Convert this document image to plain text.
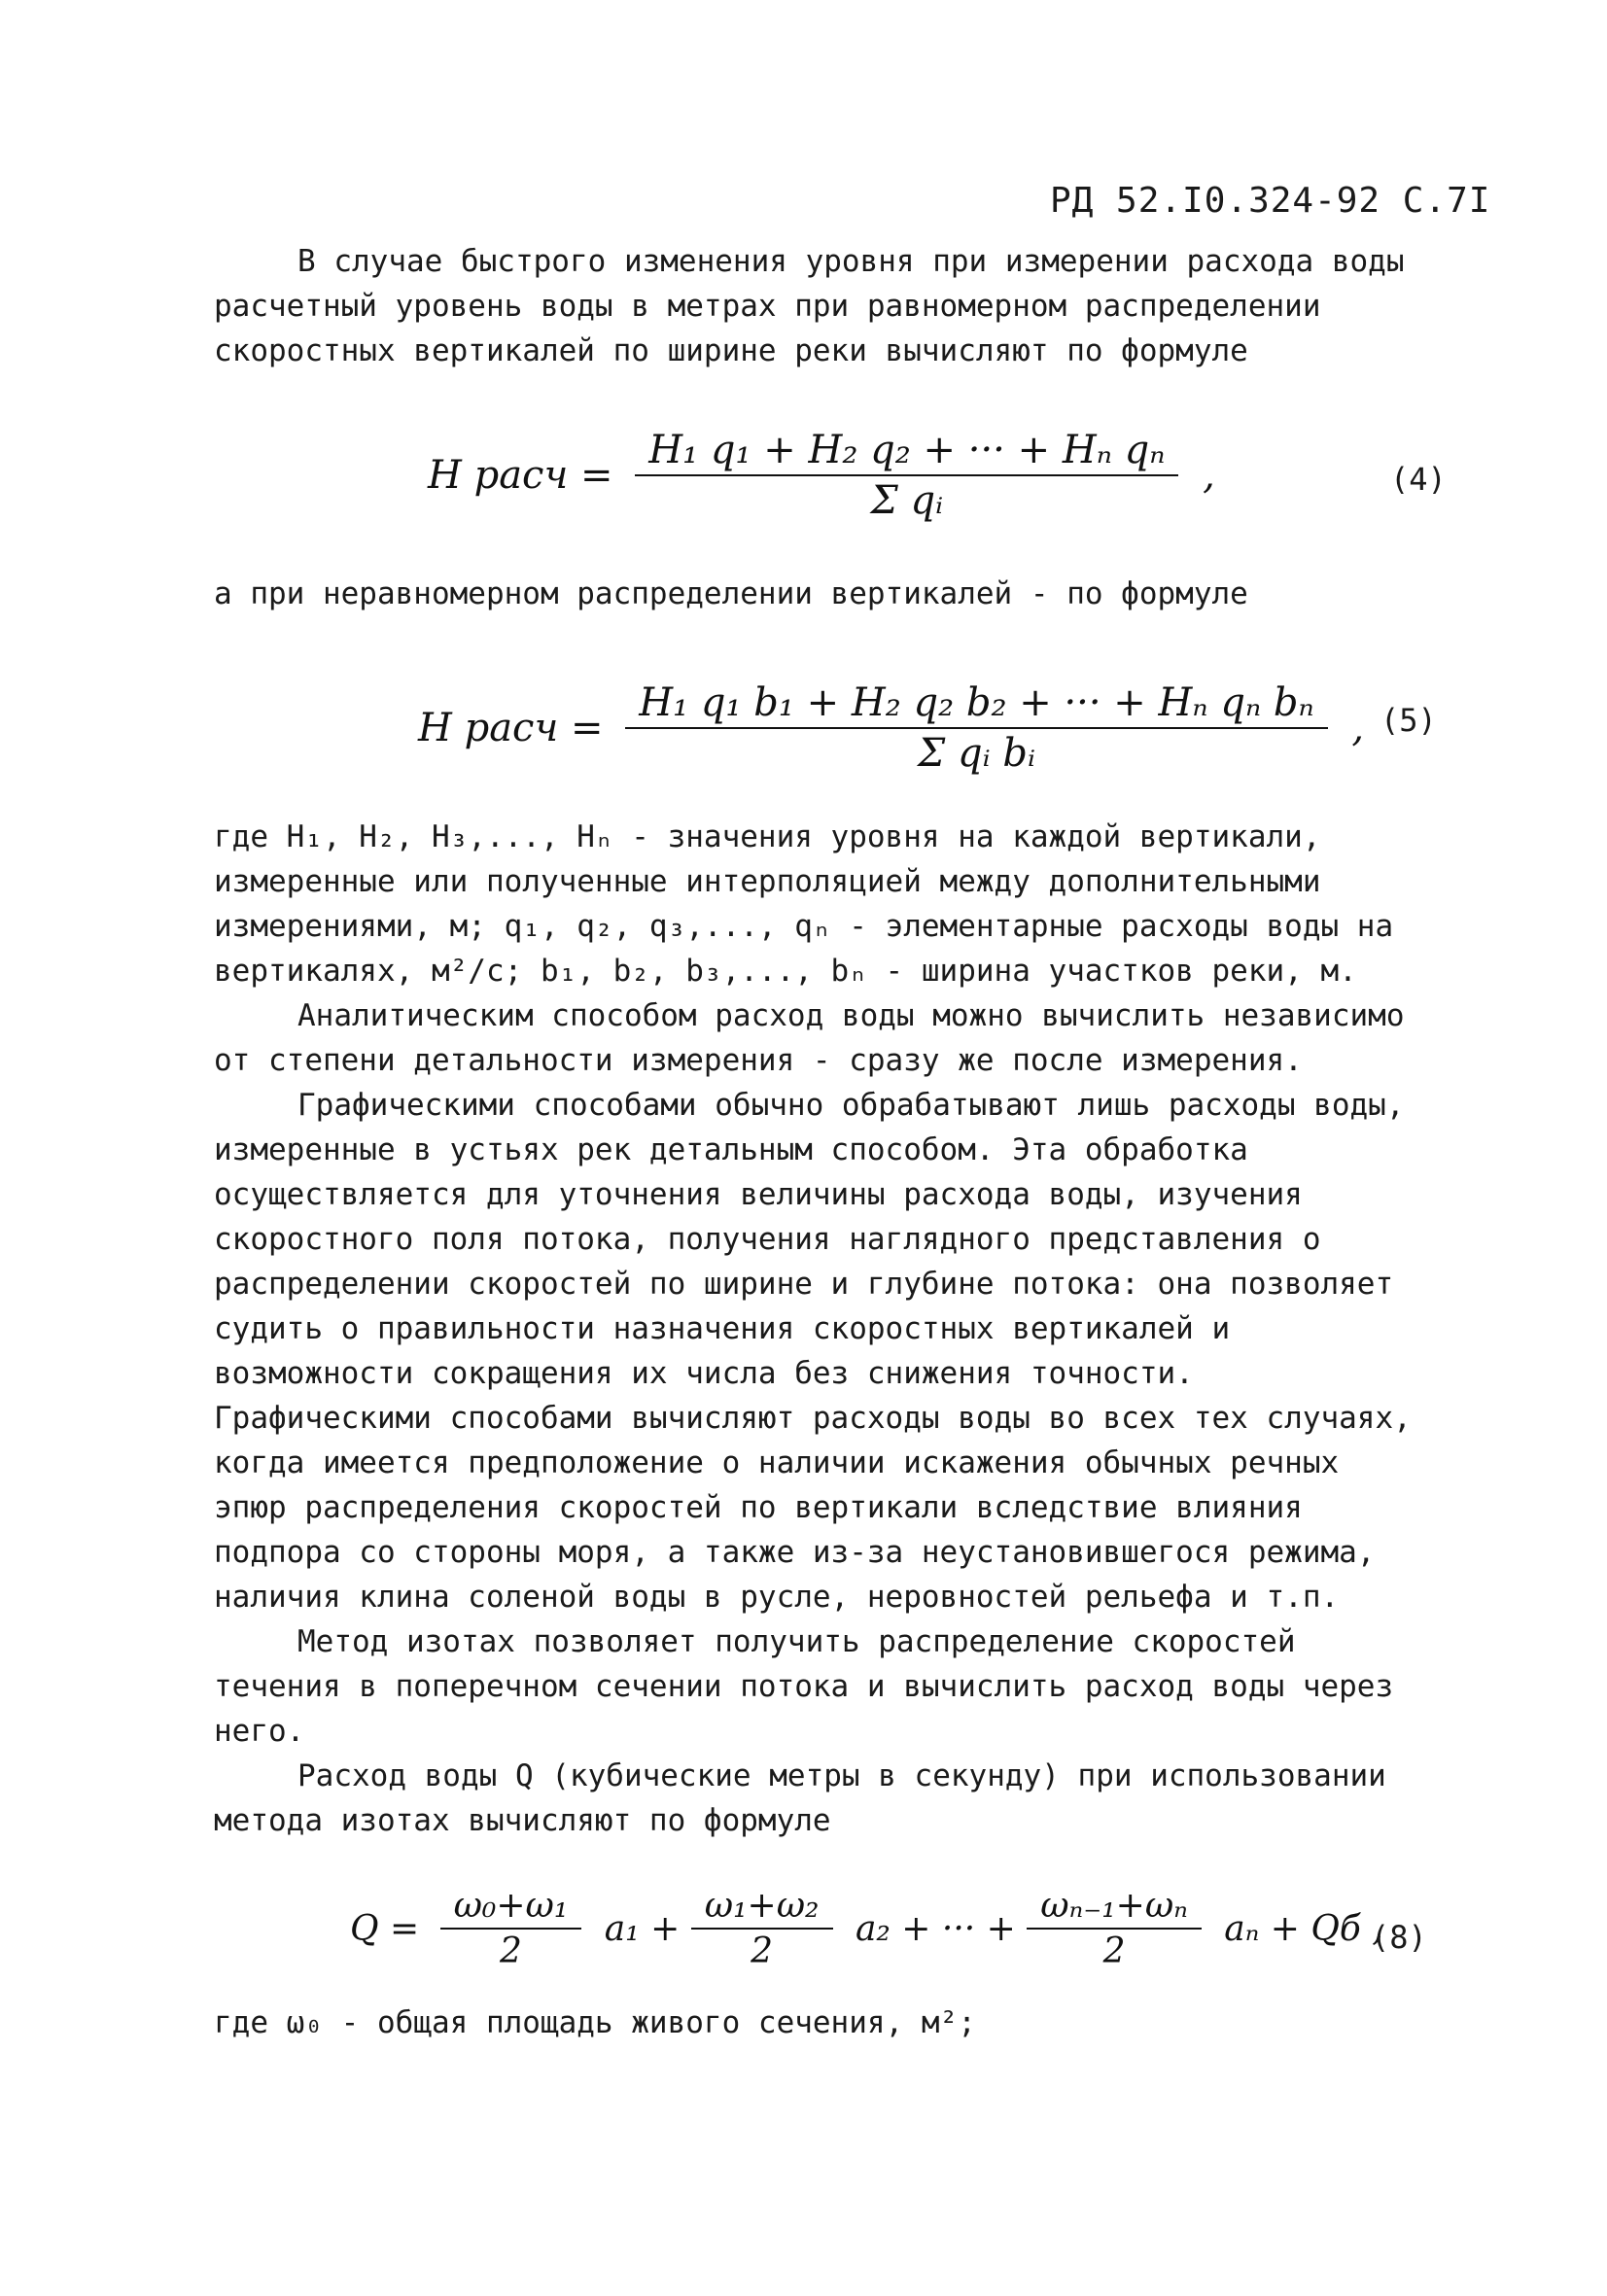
РД 52.I0.324-92 С.7I
В случае быстрого изменения уровня при измерении расхода воды расчетный уровень воды в метрах при равномерном распределении скоростных вертикалей по ширине реки вычисляют по формуле
H расч = $\frac{\text{H₁ q₁ + H₂ q₂ + ··· + Hₙ qₙ}}{\text{Σ qᵢ}}$ ,	(4)
а при неравномерном распределении вертикалей - по формуле
H расч = $\frac{\text{H₁ q₁ b₁ + H₂ q₂ b₂ + ··· + Hₙ qₙ bₙ}}{\text{Σ qᵢ bᵢ}}$ , (5)
где H₁, H₂, H₃,..., Hₙ - значения уровня на каждой вертикали, измеренные или полученные интерполяцией между дополнительными измерениями, м; q₁, q₂, q₃,..., qₙ - элементарные расходы воды на вертикалях, м²/с; b₁, b₂, b₃,..., bₙ - ширина участков реки, м.
Аналитическим способом расход воды можно вычислить независимо от степени детальности измерения - сразу же после измерения.
Графическими способами обычно обрабатывают лишь расходы воды, измеренные в устьях рек детальным способом. Эта обработка осуществляется для уточнения величины расхода воды, изучения скоростного поля потока, получения наглядного представления о распределении скоростей по ширине и глубине потока: она позволяет судить о правильности назначения скоростных вертикалей и возможности сокращения их числа без снижения точности. Графическими способами вычисляют расходы воды во всех тех случаях, когда имеется предположение о наличии искажения обычных речных эпюр распределения скоростей по вертикали вследствие влияния подпора со стороны моря, а также из-за неустановившегося режима, наличия клина соленой воды в русле, неровностей рельефа и т.п.
Метод изотах позволяет получить распределение скоростей течения в поперечном сечении потока и вычислить расход воды через него.
Расход воды Q (кубические метры в секунду) при использовании метода изотах вычисляют по формуле
$Q = \frac{\text{ω₀+ω₁}}{2} a_1 + \frac{\text{ω₁+ω₂}}{2} a_2$ + ··· + $\frac{\text{ωₙ₋₁+ωₙ}}{2}$ aₙ + Qб ,
(8)
где ω₀ - общая площадь живого сечения, м²;
